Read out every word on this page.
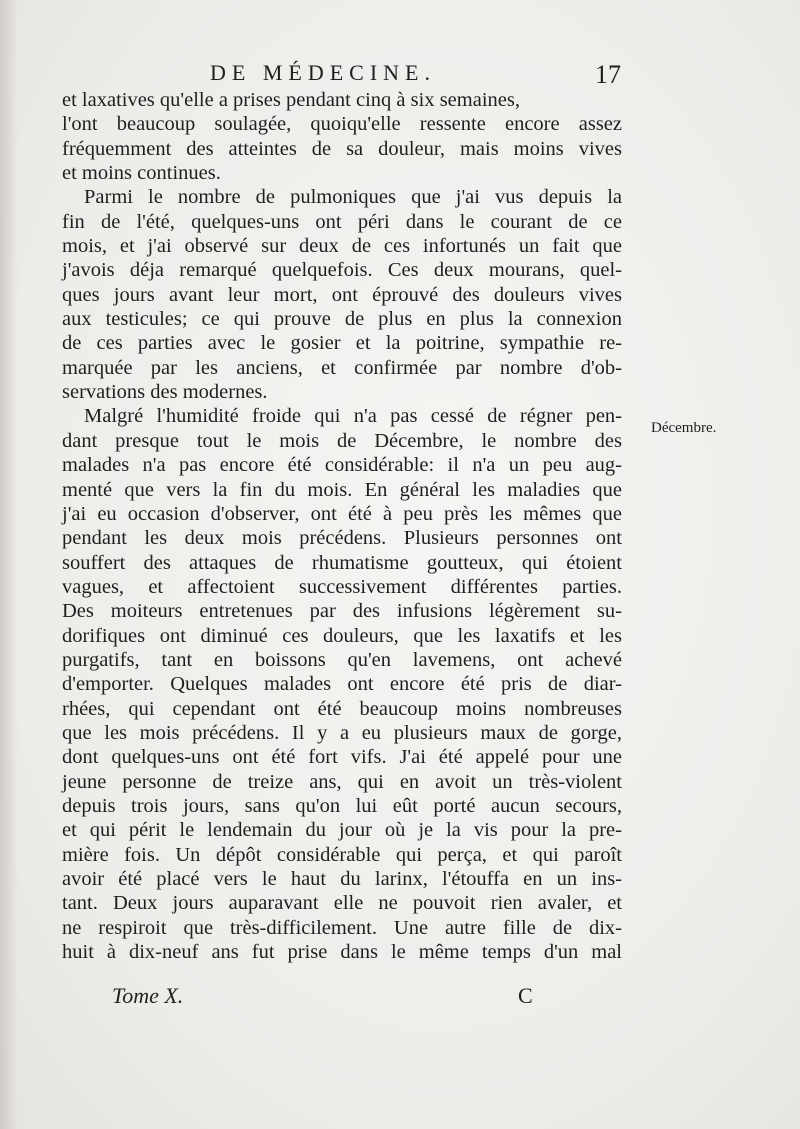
DE MÉDECINE.	17
et laxatives qu'elle a prises pendant cinq à six semaines,
l'ont beaucoup soulagée, quoiqu'elle ressente encore assez
fréquemment des atteintes de sa douleur, mais moins vives
et moins continues.
Parmi le nombre de pulmoniques que j'ai vus depuis la
fin de l'été, quelques-uns ont péri dans le courant de ce
mois, et j'ai observé sur deux de ces infortunés un fait que
j'avois déja remarqué quelquefois. Ces deux mourans, quel-
ques jours avant leur mort, ont éprouvé des douleurs vives
aux testicules; ce qui prouve de plus en plus la connexion
de ces parties avec le gosier et la poitrine, sympathie re-
marquée par les anciens, et confirmée par nombre d'ob-
servations des modernes.
Malgré l'humidité froide qui n'a pas cessé de régner pen-
dant presque tout le mois de Décembre, le nombre des
malades n'a pas encore été considérable: il n'a un peu aug-
menté que vers la fin du mois. En général les maladies que
j'ai eu occasion d'observer, ont été à peu près les mêmes que
pendant les deux mois précédens. Plusieurs personnes ont
souffert des attaques de rhumatisme goutteux, qui étoient
vagues, et affectoient successivement différentes parties.
Des moiteurs entretenues par des infusions légèrement su-
dorifiques ont diminué ces douleurs, que les laxatifs et les
purgatifs, tant en boissons qu'en lavemens, ont achevé
d'emporter. Quelques malades ont encore été pris de diar-
rhées, qui cependant ont été beaucoup moins nombreuses
que les mois précédens. Il y a eu plusieurs maux de gorge,
dont quelques-uns ont été fort vifs. J'ai été appelé pour une
jeune personne de treize ans, qui en avoit un très-violent
depuis trois jours, sans qu'on lui eût porté aucun secours,
et qui périt le lendemain du jour où je la vis pour la pre-
mière fois. Un dépôt considérable qui perça, et qui paroît
avoir été placé vers le haut du larinx, l'étouffa en un ins-
tant. Deux jours auparavant elle ne pouvoit rien avaler, et
ne respiroit que très-difficilement. Une autre fille de dix-
huit à dix-neuf ans fut prise dans le même temps d'un mal
Décembre.
Tome X.	C
